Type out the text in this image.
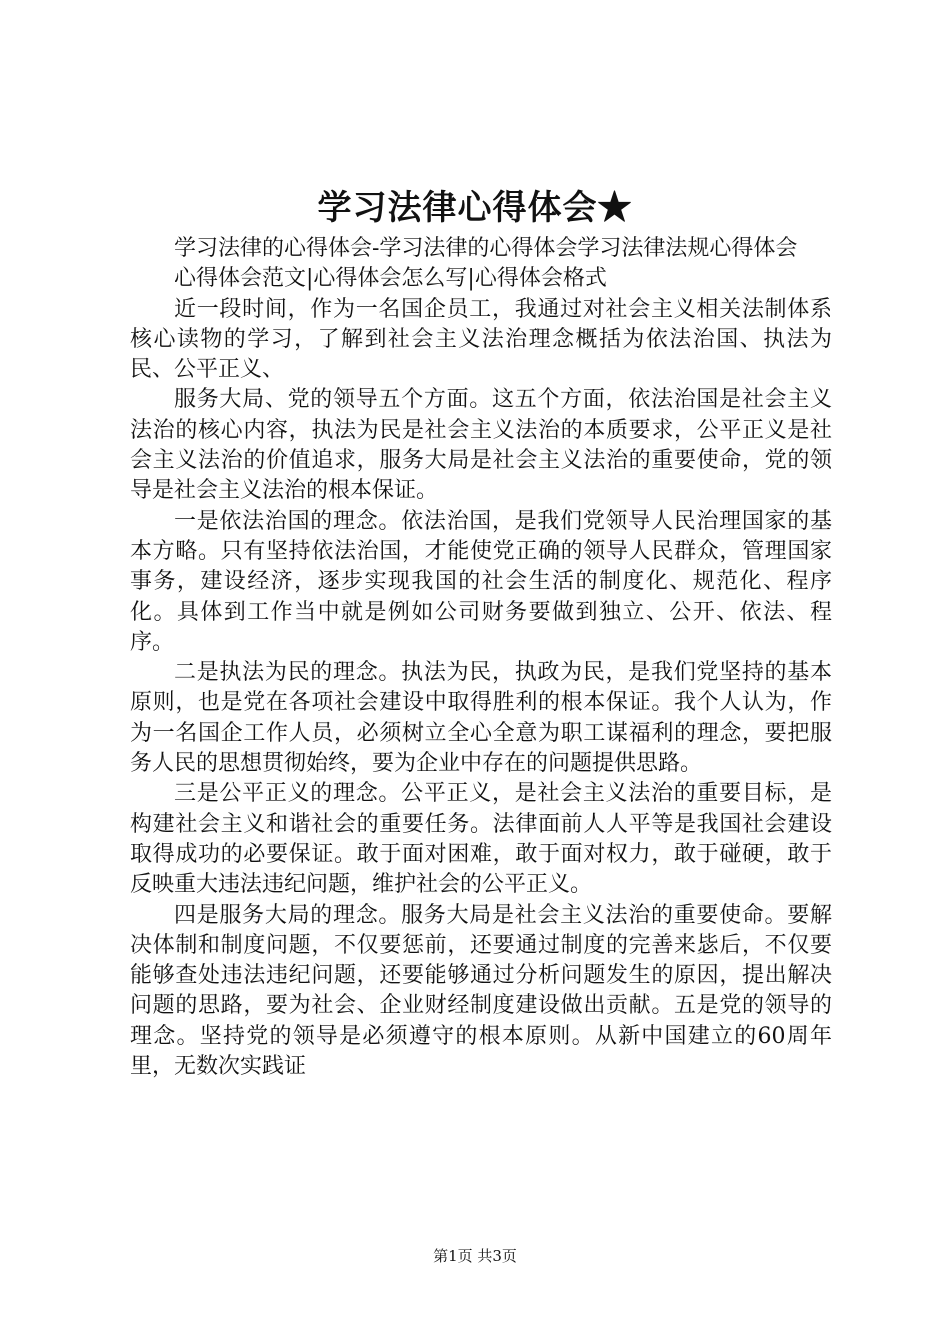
学习法律心得体会★

学习法律的心得体会-学习法律的心得体会学习法律法规心得体会

心得体会范文|心得体会怎么写|心得体会格式

近一段时间，作为一名国企员工，我通过对社会主义相关法制体系核心读物的学习，了解到社会主义法治理念概括为依法治国、执法为民、公平正义、

服务大局、党的领导五个方面。这五个方面，依法治国是社会主义法治的核心内容，执法为民是社会主义法治的本质要求，公平正义是社会主义法治的价值追求，服务大局是社会主义法治的重要使命，党的领导是社会主义法治的根本保证。

一是依法治国的理念。依法治国，是我们党领导人民治理国家的基本方略。只有坚持依法治国，才能使党正确的领导人民群众，管理国家事务，建设经济，逐步实现我国的社会生活的制度化、规范化、程序化。具体到工作当中就是例如公司财务要做到独立、公开、依法、程序。

二是执法为民的理念。执法为民，执政为民，是我们党坚持的基本原则，也是党在各项社会建设中取得胜利的根本保证。我个人认为，作为一名国企工作人员，必须树立全心全意为职工谋福利的理念，要把服务人民的思想贯彻始终，要为企业中存在的问题提供思路。

三是公平正义的理念。公平正义，是社会主义法治的重要目标，是构建社会主义和谐社会的重要任务。法律面前人人平等是我国社会建设取得成功的必要保证。敢于面对困难，敢于面对权力，敢于碰硬，敢于反映重大违法违纪问题，维护社会的公平正义。

四是服务大局的理念。服务大局是社会主义法治的重要使命。要解决体制和制度问题，不仅要惩前，还要通过制度的完善来毖后，不仅要能够查处违法违纪问题，还要能够通过分析问题发生的原因，提出解决问题的思路，要为社会、企业财经制度建设做出贡献。五是党的领导的理念。坚持党的领导是必须遵守的根本原则。从新中国建立的60周年里，无数次实践证

第1页 共3页
